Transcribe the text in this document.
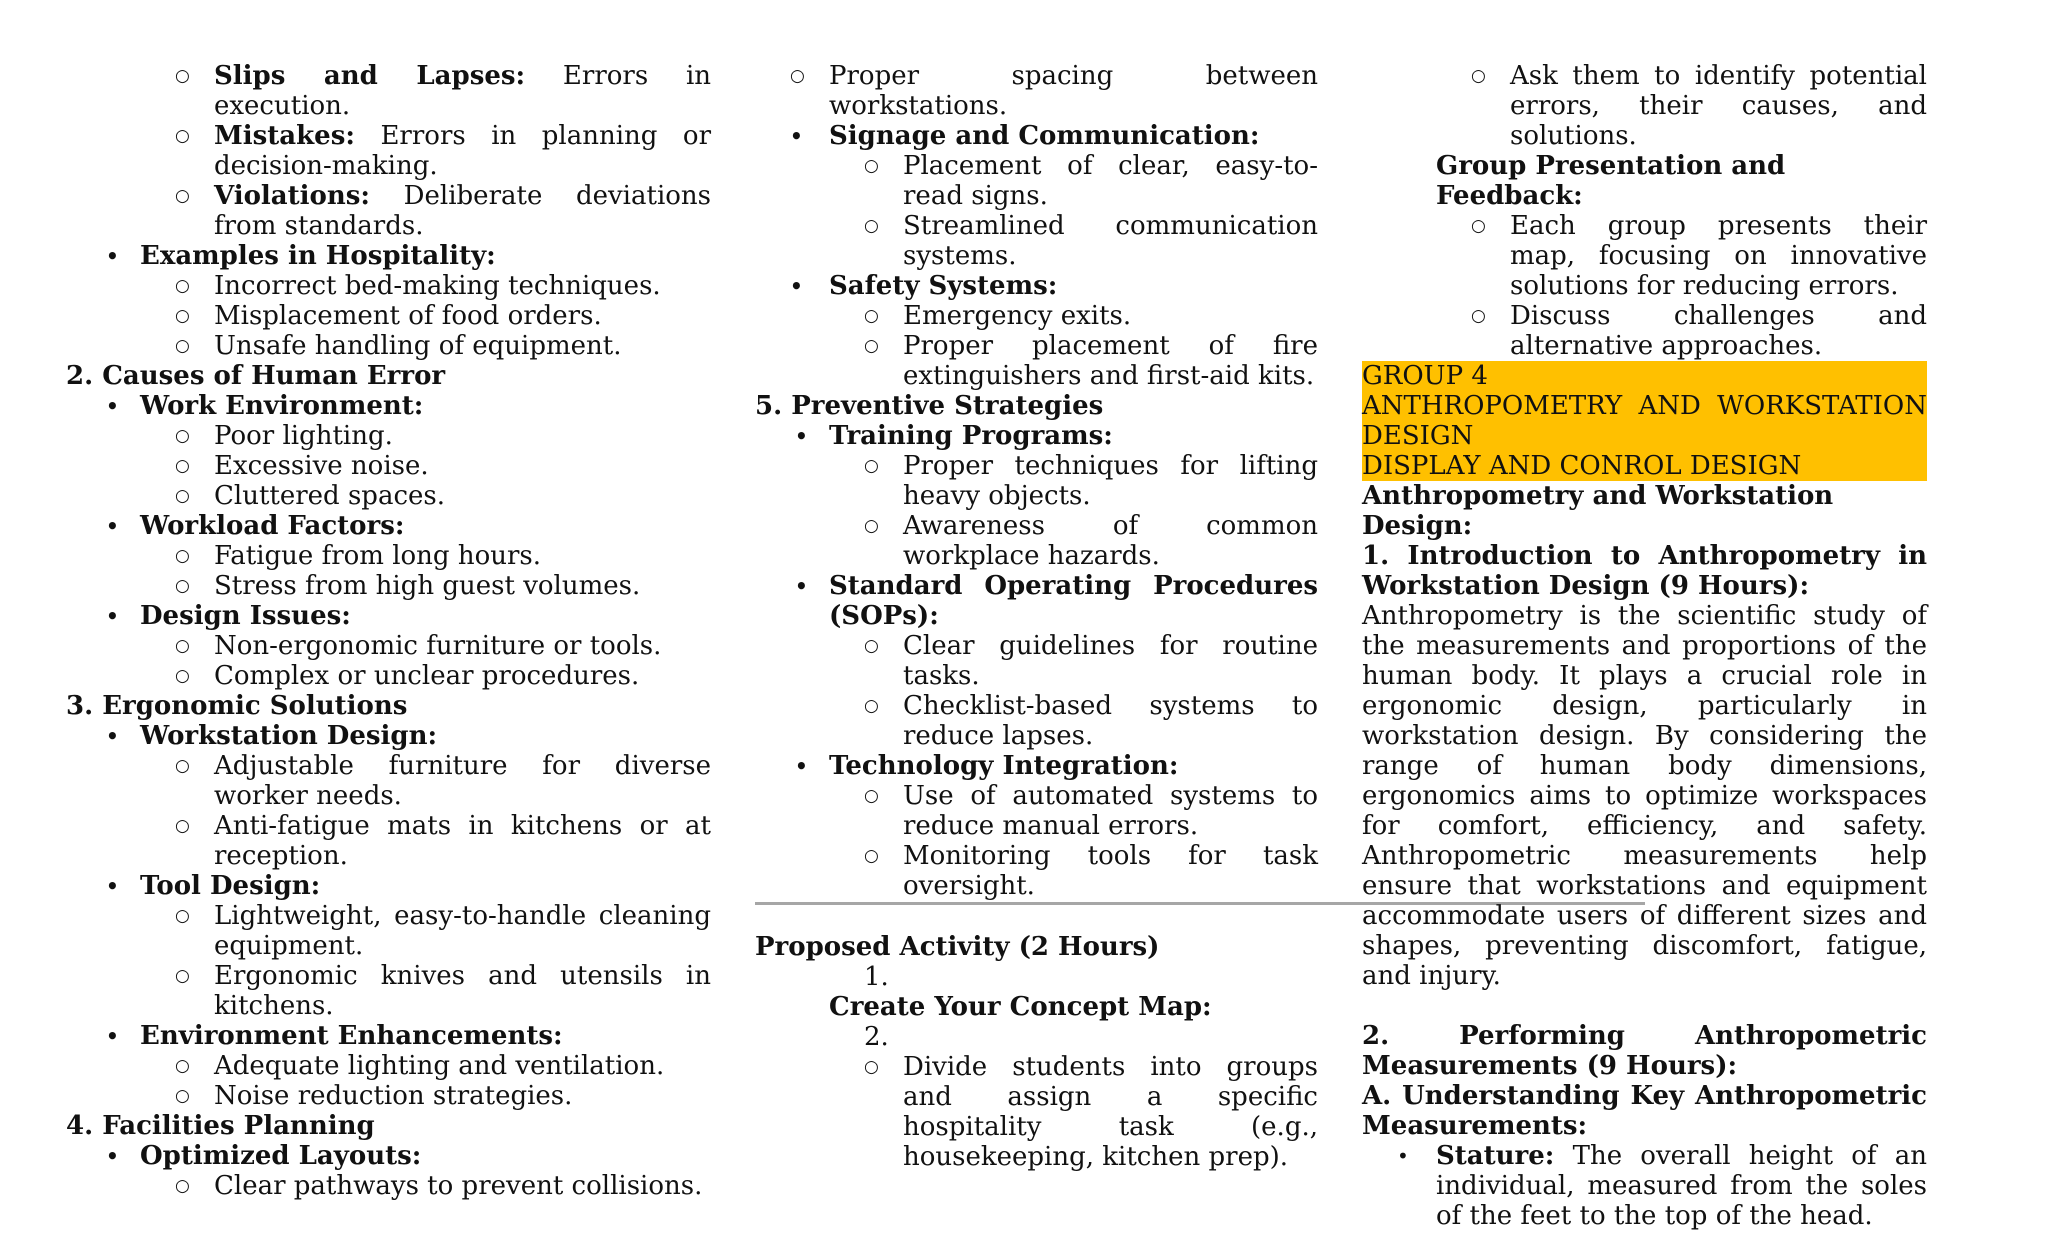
○ Slips and Lapses: Errors in execution.
○ Mistakes: Errors in planning or decision-making.
○ Violations: Deliberate deviations from standards.
• Examples in Hospitality:
○ Incorrect bed-making techniques.
○ Misplacement of food orders.
○ Unsafe handling of equipment.
2. Causes of Human Error
• Work Environment:
○ Poor lighting.
○ Excessive noise.
○ Cluttered spaces.
• Workload Factors:
○ Fatigue from long hours.
○ Stress from high guest volumes.
• Design Issues:
○ Non-ergonomic furniture or tools.
○ Complex or unclear procedures.
3. Ergonomic Solutions
• Workstation Design:
○ Adjustable furniture for diverse worker needs.
○ Anti-fatigue mats in kitchens or at reception.
• Tool Design:
○ Lightweight, easy-to-handle cleaning equipment.
○ Ergonomic knives and utensils in kitchens.
• Environment Enhancements:
○ Adequate lighting and ventilation.
○ Noise reduction strategies.
4. Facilities Planning
• Optimized Layouts:
○ Clear pathways to prevent collisions.
○ Proper spacing between workstations.
• Signage and Communication:
○ Placement of clear, easy-to-read signs.
○ Streamlined communication systems.
• Safety Systems:
○ Emergency exits.
○ Proper placement of fire extinguishers and first-aid kits.
5. Preventive Strategies
• Training Programs:
○ Proper techniques for lifting heavy objects.
○ Awareness of common workplace hazards.
• Standard Operating Procedures (SOPs):
○ Clear guidelines for routine tasks.
○ Checklist-based systems to reduce lapses.
• Technology Integration:
○ Use of automated systems to reduce manual errors.
○ Monitoring tools for task oversight.
Proposed Activity (2 Hours)
1.
Create Your Concept Map:
2.
○ Divide students into groups and assign a specific hospitality task (e.g., housekeeping, kitchen prep).
○ Ask them to identify potential errors, their causes, and solutions.
Group Presentation and Feedback:
○ Each group presents their map, focusing on innovative solutions for reducing errors.
○ Discuss challenges and alternative approaches.
GROUP 4
ANTHROPOMETRY AND WORKSTATION DESIGN
DISPLAY AND CONROL DESIGN
Anthropometry and Workstation Design:
1. Introduction to Anthropometry in Workstation Design (9 Hours):
Anthropometry is the scientific study of the measurements and proportions of the human body. It plays a crucial role in ergonomic design, particularly in workstation design. By considering the range of human body dimensions, ergonomics aims to optimize workspaces for comfort, efficiency, and safety. Anthropometric measurements help ensure that workstations and equipment accommodate users of different sizes and shapes, preventing discomfort, fatigue, and injury.
2. Performing Anthropometric Measurements (9 Hours):
A. Understanding Key Anthropometric Measurements:
• Stature: The overall height of an individual, measured from the soles of the feet to the top of the head.
